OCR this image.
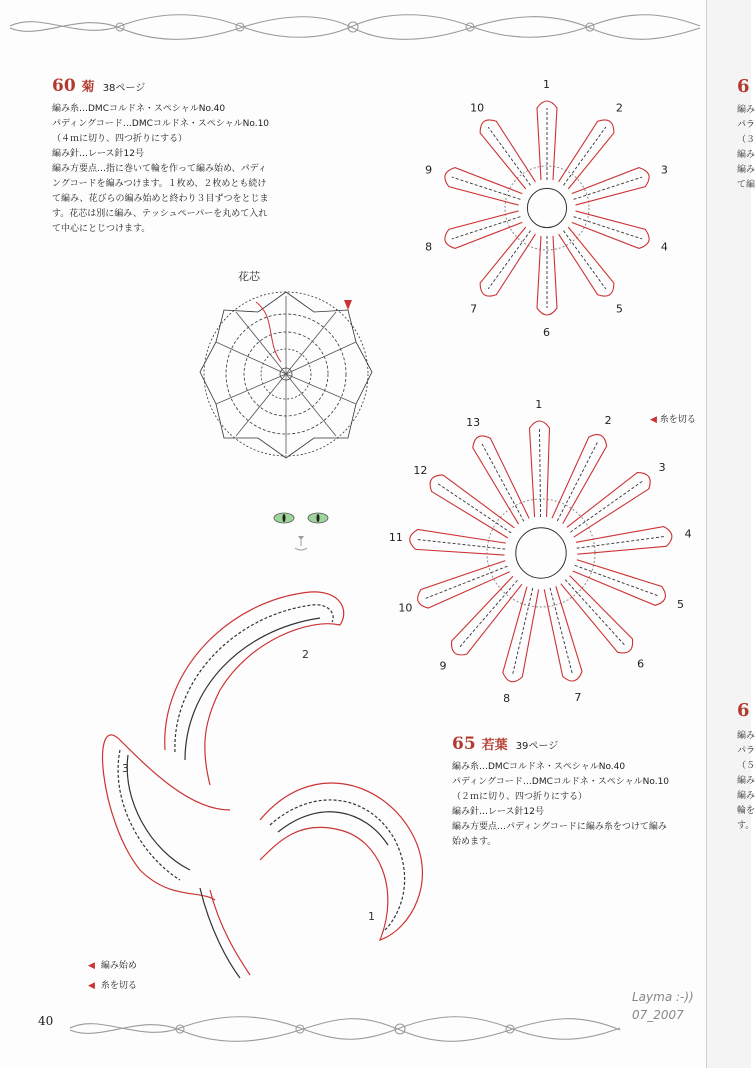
60 菊 38ページ
編み糸…DMCコルドネ・スペシャルNo.40
パディングコード…DMCコルドネ・スペシャルNo.10
（４ｍに切り、四つ折りにする）
編み針…レース針12号
編み方要点…指に巻いて輪を作って編み始め、パディ
ングコードを編みつけます。１枚め、２枚めとも続け
て編み、花びらの編み始めと終わり３目ずつをとじま
す。花芯は別に編み、テッシュペーパーを丸めて入れ
て中心にとじつけます。
花芯
1
2
3
4
5
6
7
8
9
10
2
3
4
5
6
7
8
9
10
11
12
13
1
◀ 糸を切る
2
3
1
◀ 編み始め
◀ 糸を切る
65 若葉 39ページ
編み糸…DMCコルドネ・スペシャルNo.40
パディングコード…DMCコルドネ・スペシャルNo.10
（２ｍに切り、四つ折りにする）
編み針…レース針12号
編み方要点…パディングコードに編み糸をつけて編み
始めます。
40
Layma :-))
07_2007
6
編み
パラ
（３
編み
編み
て編
6
編み
パラ
（５
編み
編み
輪を
す。
